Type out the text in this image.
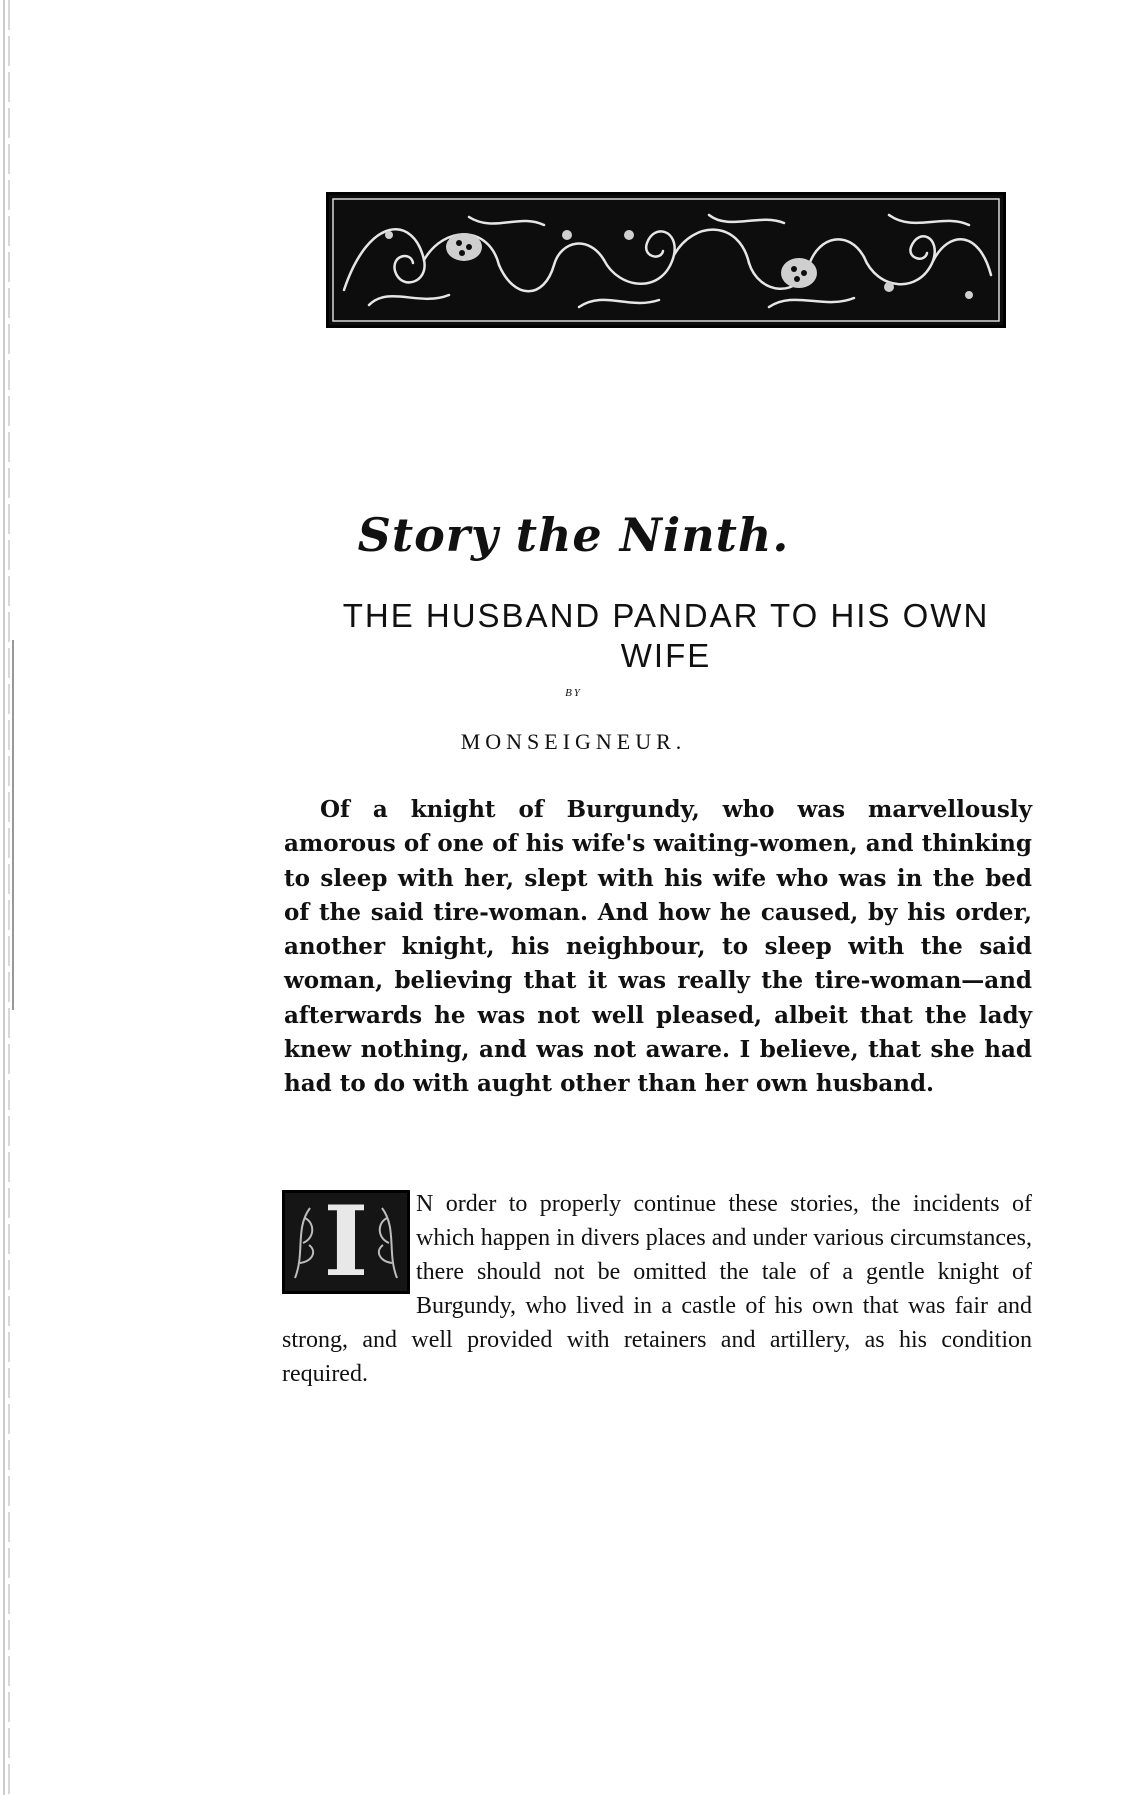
Story the Ninth.
THE HUSBAND PANDAR TO HIS OWN WIFE
BY
MONSEIGNEUR.

Of a knight of Burgundy, who was marvellously amorous of one of his wife's waiting-women, and thinking to sleep with her, slept with his wife who was in the bed of the said tire-woman. And how he caused, by his order, another knight, his neighbour, to sleep with the said woman, believing that it was really the tire-woman—and afterwards he was not well pleased, albeit that the lady knew nothing, and was not aware. I believe, that she had had to do with aught other than her own husband.

I	N order to properly continue these stories, the incidents of which happen in divers places and under various circumstances, there should not be omitted the tale of a gentle knight of Burgundy, who lived in a castle of his own that was fair and strong, and well provided with retainers and artillery, as his condition required.
